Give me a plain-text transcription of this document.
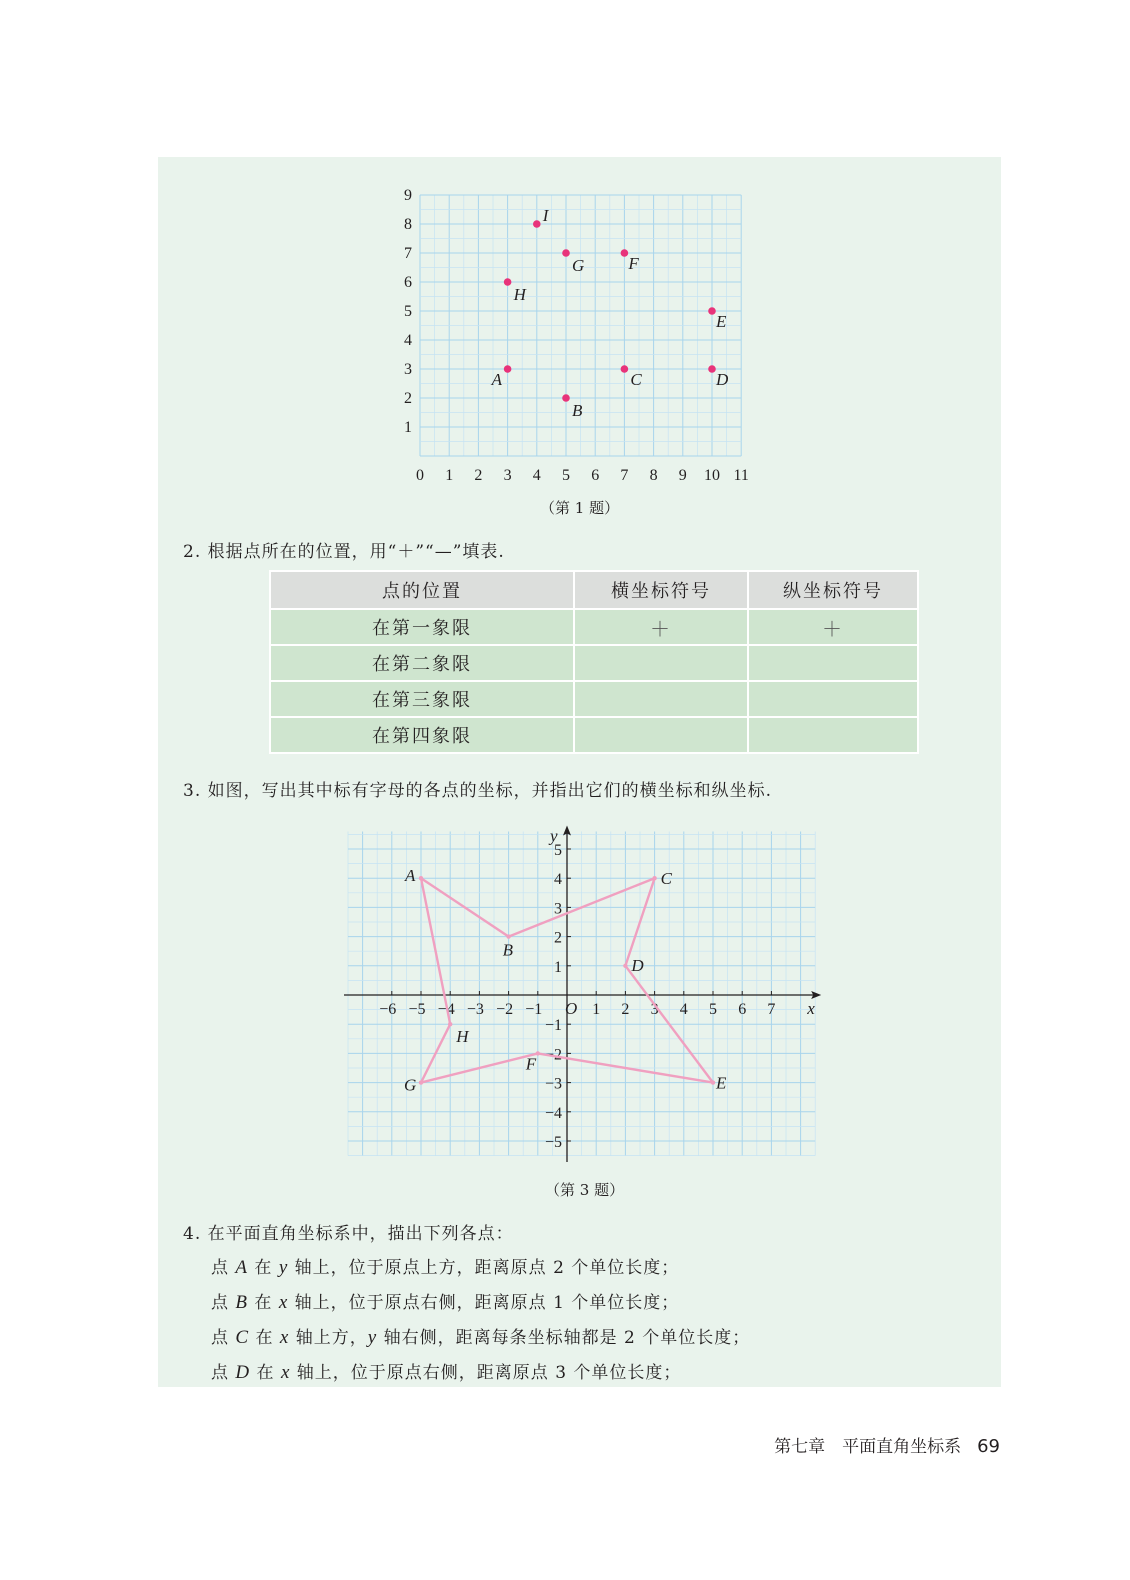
0 1 2 3 4 5 6 7 8 9 10 11
1
2
3
4
5
6
7
8
9
A
B
C	D
E
F
G
H
I
（第 1 题）
2. 根据点所在的位置，用“＋”“—”填表.
点的位置	横坐标符号	纵坐标符号
在第一象限	＋	＋
在第二象限		
在第三象限		
在第四象限		
3. 如图，写出其中标有字母的各点的坐标，并指出它们的横坐标和纵坐标.
x
y
O
−6 −5 −4 −3 −2 −1	1 2 3 4 5 6 7
5
4
3
2
1
−1
−2
−3
−4
−5
A
B
C
D
E
F
G
H
（第 3 题）
4. 在平面直角坐标系中，描出下列各点：
点 A 在 y 轴上，位于原点上方，距离原点 2 个单位长度；
点 B 在 x 轴上，位于原点右侧，距离原点 1 个单位长度；
点 C 在 x 轴上方，y 轴右侧，距离每条坐标轴都是 2 个单位长度；
点 D 在 x 轴上，位于原点右侧，距离原点 3 个单位长度；
第七章　平面直角坐标系 69
